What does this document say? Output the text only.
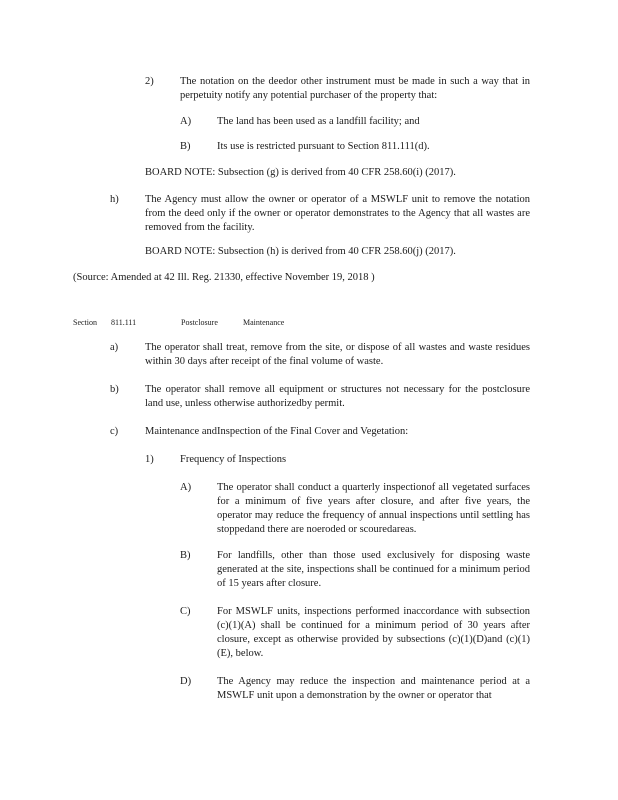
2)	The notation on the deedor other instrument must be made in such a way that in perpetuity notify any potential purchaser of the property that:

A) The land has been used as a landfill facility; and

B)	Its use is restricted pursuant to Section 811.111(d).

BOARD NOTE: Subsection (g) is derived from 40 CFR 258.60(i) (2017).

h)	The Agency must allow the owner or operator of a MSWLF unit to remove the notation from the deed only if the owner or operator demonstrates to the Agency that all wastes are removed from the facility.

BOARD NOTE: Subsection (h) is derived from 40 CFR 258.60(j) (2017).

(Source: Amended at 42 Ill. Reg. 21330, effective November 19, 2018 )

Section 811.111	Postclosure	Maintenance
a)	The operator shall treat, remove from the site, or dispose of all wastes and waste residues within 30 days after receipt of the final volume of waste.

b)	The operator shall remove all equipment or structures not necessary for the postclosure land use, unless otherwise authorizedby permit.

c)	Maintenance andInspection of the Final Cover and Vegetation:

1)	Frequency of Inspections

A) The operator shall conduct a quarterly inspectionof all vegetated surfaces for a minimum of five years after closure, and after five years, the operator may reduce the frequency of annual inspections until settling has stoppedand there are noeroded or scouredareas.

B)	For landfills, other than those used exclusively for disposing waste generated at the site, inspections shall be continued for a minimum period of 15 years after closure.

C)	For MSWLF units, inspections performed inaccordance with subsection (c)(1)(A) shall be continued for a minimum period of 30 years after closure, except as otherwise provided by subsections (c)(1)(D)and (c)(1)(E), below.

D) The Agency may reduce the inspection and maintenance period at a MSWLF unit upon a demonstration by the owner or operator that
